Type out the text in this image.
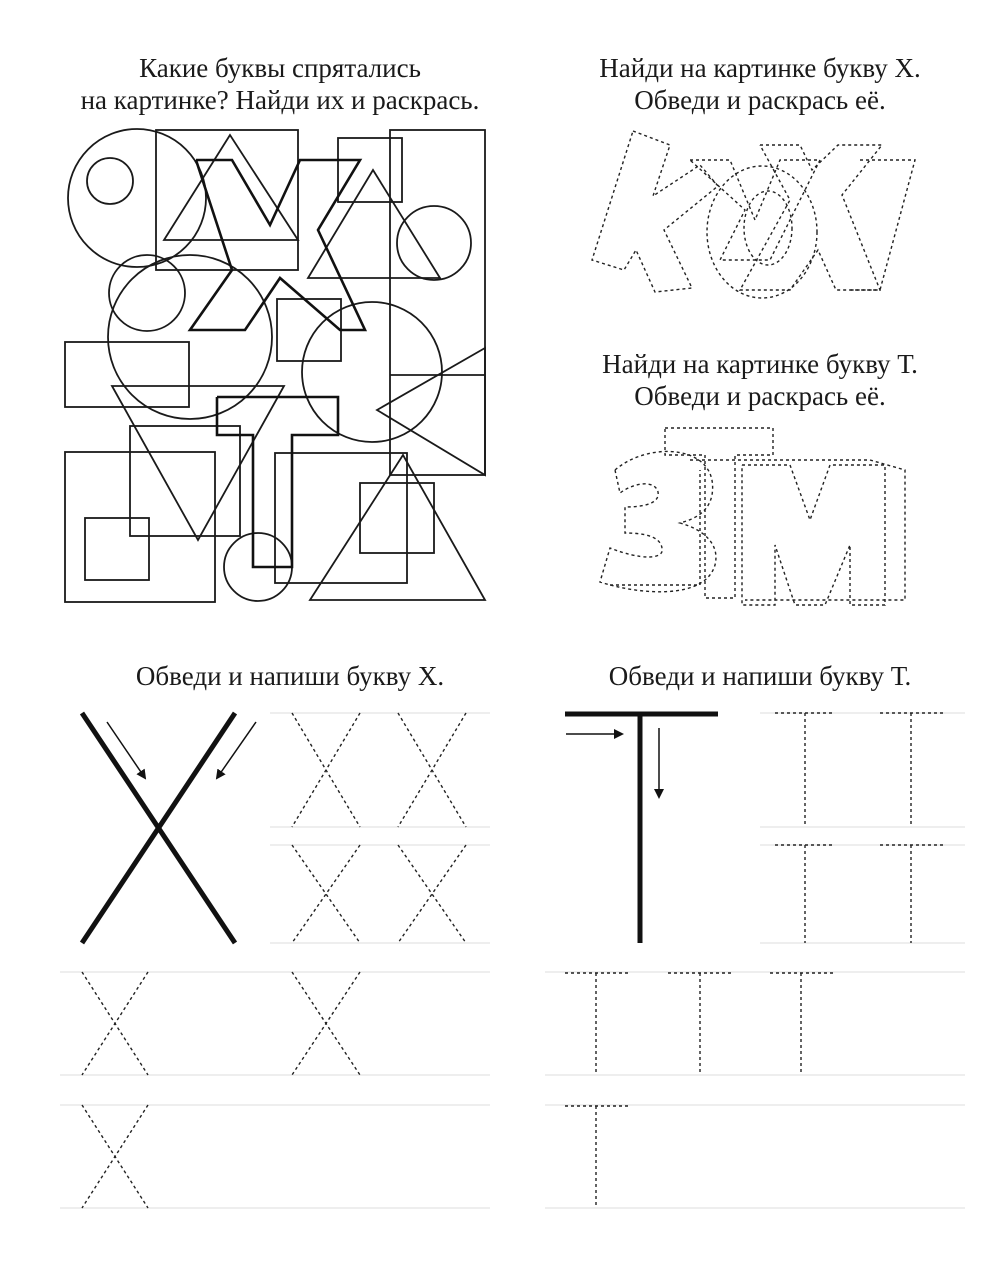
Какие буквы спрятались
на картинке? Найди их и раскрась.
Найди на картинке букву Х.
Обведи и раскрась её.
Найди на картинке букву Т.
Обведи и раскрась её.
Обведи и напиши букву Х.	Обведи и напиши букву Т.
